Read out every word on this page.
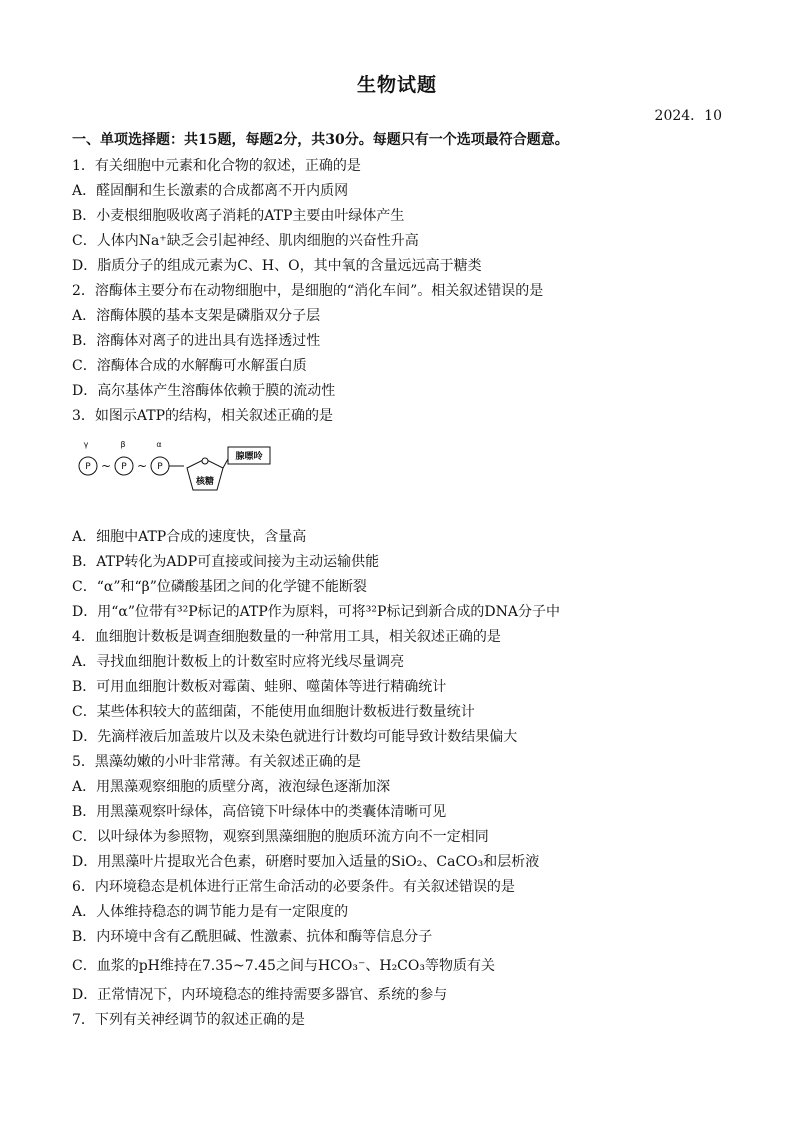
生物试题
2024．10
一、单项选择题：共15题，每题2分，共30分。每题只有一个选项最符合题意。
1．有关细胞中元素和化合物的叙述，正确的是
A．醛固酮和生长激素的合成都离不开内质网
B．小麦根细胞吸收离子消耗的ATP主要由叶绿体产生
C．人体内Na⁺缺乏会引起神经、肌肉细胞的兴奋性升高
D．脂质分子的组成元素为C、H、O，其中氧的含量远远高于糖类
2．溶酶体主要分布在动物细胞中，是细胞的“消化车间”。相关叙述错误的是
A．溶酶体膜的基本支架是磷脂双分子层
B．溶酶体对离子的进出具有选择透过性
C．溶酶体合成的水解酶可水解蛋白质
D．高尔基体产生溶酶体依赖于膜的流动性
3．如图示ATP的结构，相关叙述正确的是
A．细胞中ATP合成的速度快，含量高
B．ATP转化为ADP可直接或间接为主动运输供能
C．“α”和“β”位磷酸基团之间的化学键不能断裂
D．用“α”位带有³²P标记的ATP作为原料，可将³²P标记到新合成的DNA分子中
4．血细胞计数板是调查细胞数量的一种常用工具，相关叙述正确的是
A．寻找血细胞计数板上的计数室时应将光线尽量调亮
B．可用血细胞计数板对霉菌、蛙卵、噬菌体等进行精确统计
C．某些体积较大的蓝细菌，不能使用血细胞计数板进行数量统计
D．先滴样液后加盖玻片以及未染色就进行计数均可能导致计数结果偏大
5．黑藻幼嫩的小叶非常薄。有关叙述正确的是
A．用黑藻观察细胞的质壁分离，液泡绿色逐渐加深
B．用黑藻观察叶绿体，高倍镜下叶绿体中的类囊体清晰可见
C．以叶绿体为参照物，观察到黑藻细胞的胞质环流方向不一定相同
D．用黑藻叶片提取光合色素，研磨时要加入适量的SiO₂、CaCO₃和层析液
6．内环境稳态是机体进行正常生命活动的必要条件。有关叙述错误的是
A．人体维持稳态的调节能力是有一定限度的
B．内环境中含有乙酰胆碱、性激素、抗体和酶等信息分子
C．血浆的pH维持在7.35~7.45之间与HCO₃⁻、H₂CO₃等物质有关
D．正常情况下，内环境稳态的维持需要多器官、系统的参与
7．下列有关神经调节的叙述正确的是
γ	β	α
P	P	P
~ ~
核糖
腺嘌呤
